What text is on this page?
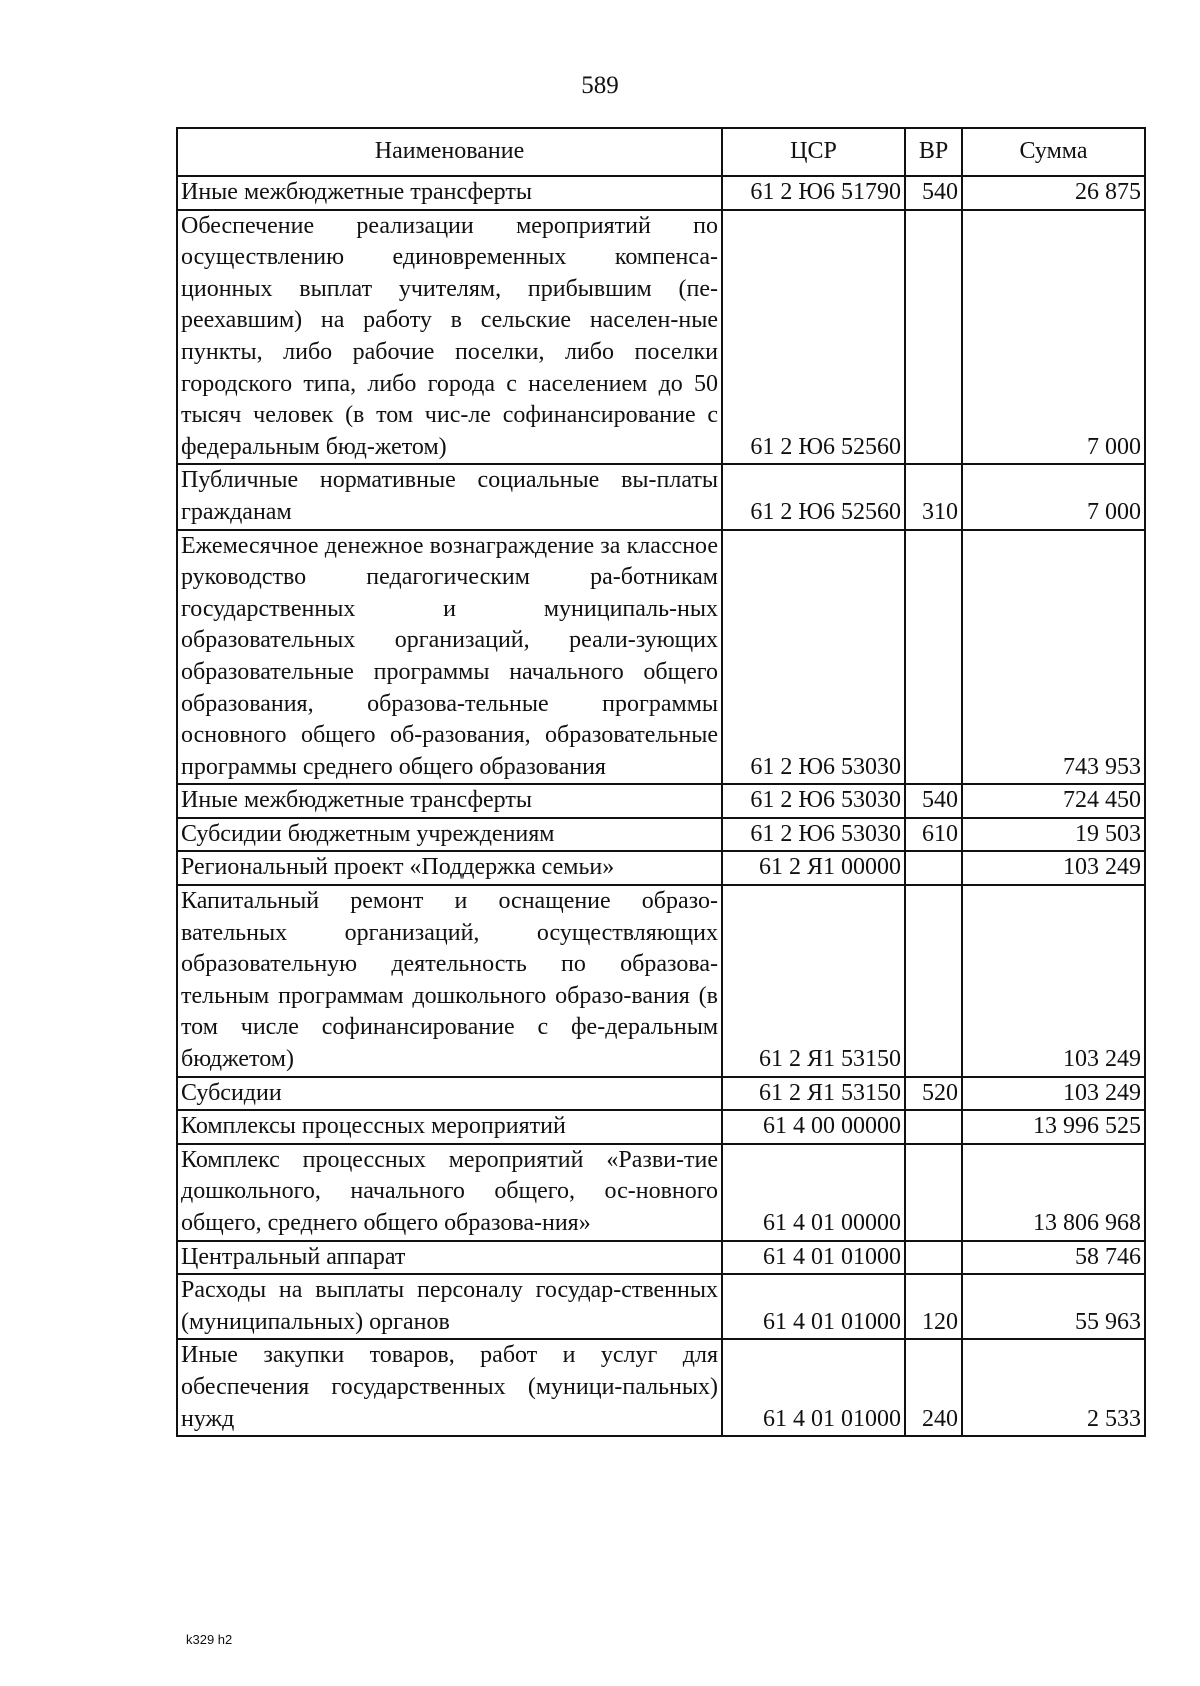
589
Наименование	ЦСР	ВР	Сумма
Иные межбюджетные трансферты	61 2 Ю6 51790	540	26 875
Обеспечение реализации мероприятий по осуществлению единовременных компенса-ционных выплат учителям, прибывшим (пе-реехавшим) на работу в сельские населен-ные пункты, либо рабочие поселки, либо поселки городского типа, либо города с населением до 50 тысяч человек (в том чис-ле софинансирование с федеральным бюд-жетом)	61 2 Ю6 52560		7 000
Публичные нормативные социальные вы-платы гражданам	61 2 Ю6 52560	310	7 000
Ежемесячное денежное вознаграждение за классное руководство педагогическим ра-ботникам государственных и муниципаль-ных образовательных организаций, реали-зующих образовательные программы начального общего образования, образова-тельные программы основного общего об-разования, образовательные программы среднего общего образования	61 2 Ю6 53030		743 953
Иные межбюджетные трансферты	61 2 Ю6 53030	540	724 450
Субсидии бюджетным учреждениям	61 2 Ю6 53030	610	19 503
Региональный проект «Поддержка семьи»	61 2 Я1 00000		103 249
Капитальный ремонт и оснащение образо-вательных организаций, осуществляющих образовательную деятельность по образова-тельным программам дошкольного образо-вания (в том числе софинансирование с фе-деральным бюджетом)	61 2 Я1 53150		103 249
Субсидии	61 2 Я1 53150	520	103 249
Комплексы процессных мероприятий	61 4 00 00000		13 996 525
Комплекс процессных мероприятий «Разви-тие дошкольного, начального общего, ос-новного общего, среднего общего образова-ния»	61 4 01 00000		13 806 968
Центральный аппарат	61 4 01 01000		58 746
Расходы на выплаты персоналу государ-ственных (муниципальных) органов	61 4 01 01000	120	55 963
Иные закупки товаров, работ и услуг для обеспечения государственных (муници-пальных) нужд	61 4 01 01000	240	2 533
k329 h2
